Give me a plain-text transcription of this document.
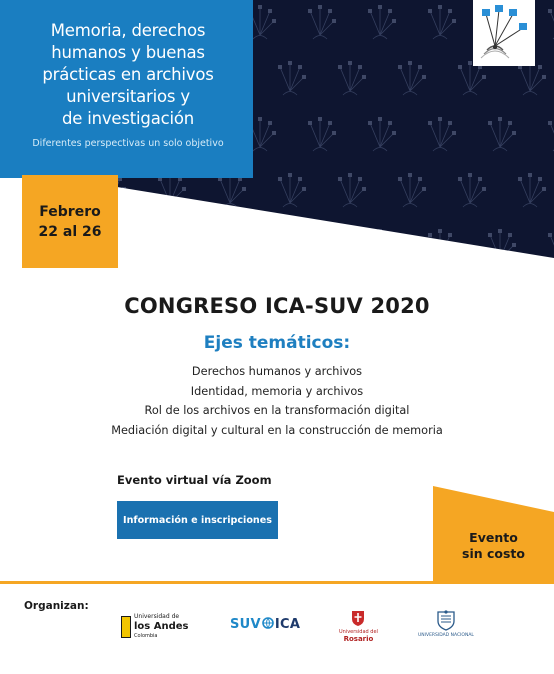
Memoria, derechos
humanos y buenas
prácticas en archivos
universitarios y
de investigación
Diferentes perspectivas un solo objetivo
Febrero
22 al 26
CONGRESO ICA-SUV 2020
Ejes temáticos:
Derechos humanos y archivos
Identidad, memoria y archivos
Rol de los archivos en la transformación digital
Mediación digital y cultural en la construcción de memoria
Evento virtual vía Zoom
Información e inscripciones
Evento
sin costo
Organizan:
Universidad de
los Andes
Colombia
SUV ICA	Universidad del
Rosario	UNIVERSIDAD NACIONAL
